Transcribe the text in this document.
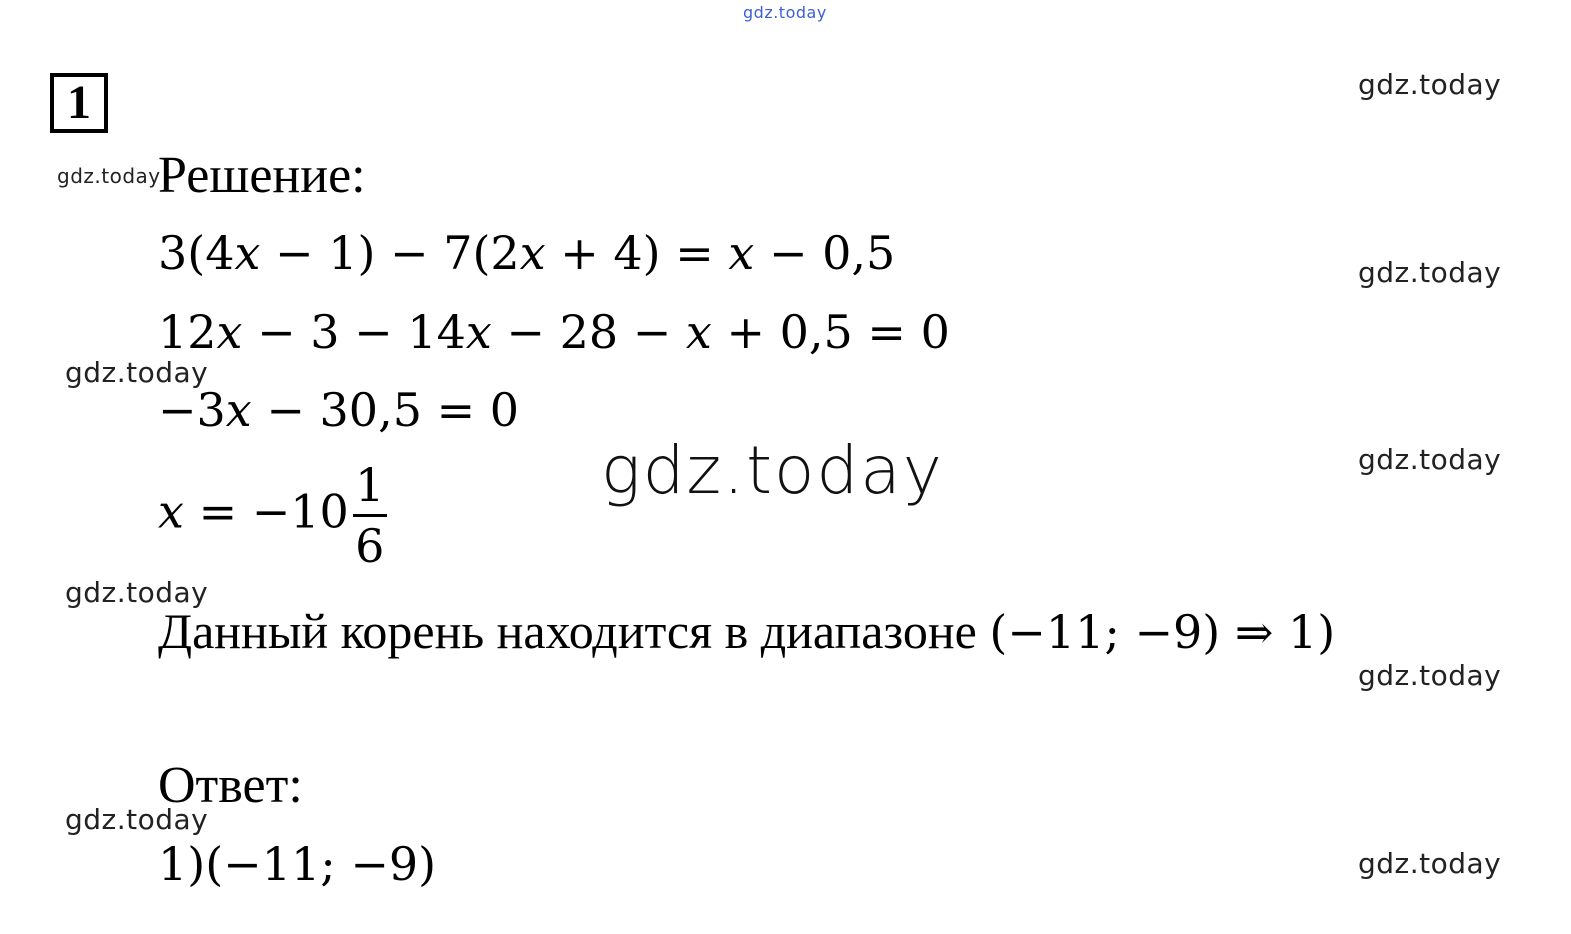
gdz.today
gdz.today
gdz.today
gdz.today
gdz.today
gdz.today
gdz.today
gdz.today
gdz.today
gdz.today
gdz.today
1
Решение:
3(4𝑥 − 1) − 7(2𝑥 + 4) = 𝑥 − 0,5
12𝑥 − 3 − 14𝑥 − 28 − 𝑥 + 0,5 = 0
−3𝑥 − 30,5 = 0
𝑥 = $-10 \frac{1}{6}$
Данный корень находится в диапазоне (−11; −9) ⇒ 1)
Ответ:
1)(−11; −9)
